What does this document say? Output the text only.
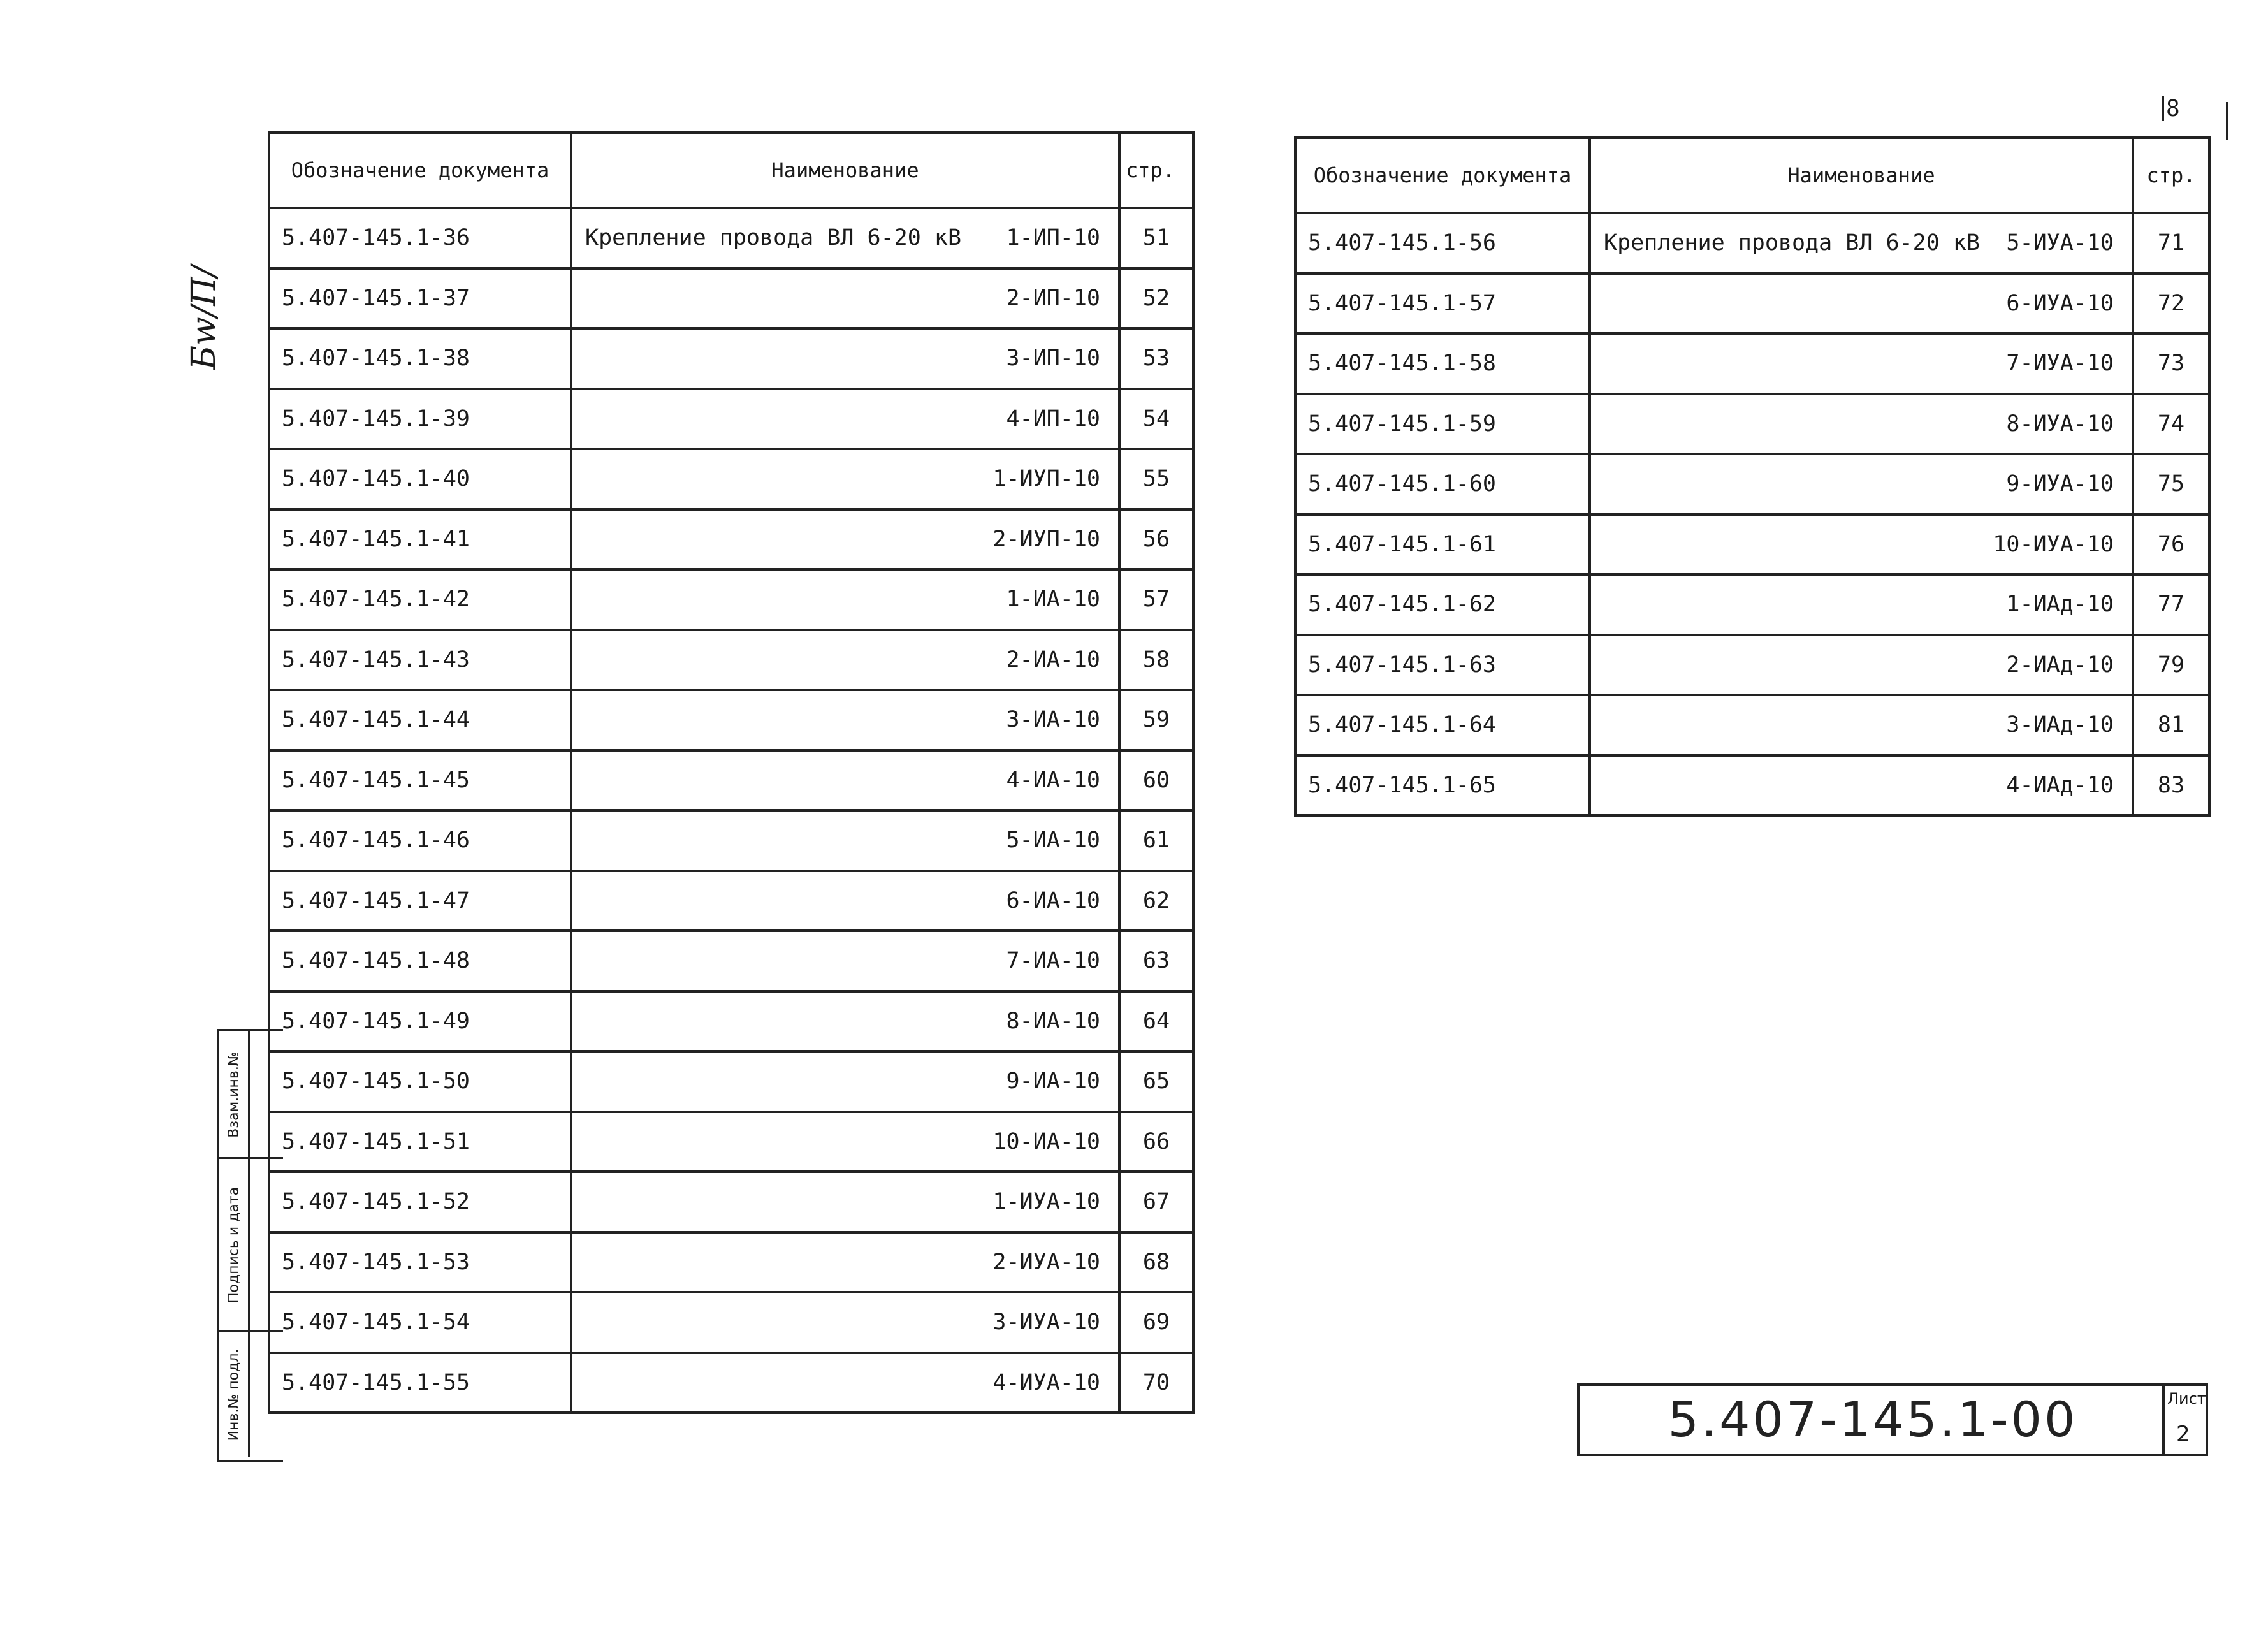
8
Бw/П/
Обозначение документа	Наименование	стр.
5.407-145.1-36	Крепление провода ВЛ 6-20 кВ 1-ИП-10	51
5.407-145.1-37	2-ИП-10	52
5.407-145.1-38	3-ИП-10	53
5.407-145.1-39	4-ИП-10	54
5.407-145.1-40	1-ИУП-10	55
5.407-145.1-41	2-ИУП-10	56
5.407-145.1-42	1-ИА-10	57
5.407-145.1-43	2-ИА-10	58
5.407-145.1-44	3-ИА-10	59
5.407-145.1-45	4-ИА-10	60
5.407-145.1-46	5-ИА-10	61
5.407-145.1-47	6-ИА-10	62
5.407-145.1-48	7-ИА-10	63
5.407-145.1-49	8-ИА-10	64
5.407-145.1-50	9-ИА-10	65
5.407-145.1-51	10-ИА-10	66
5.407-145.1-52	1-ИУА-10	67
5.407-145.1-53	2-ИУА-10	68
5.407-145.1-54	3-ИУА-10	69
5.407-145.1-55	4-ИУА-10	70
Обозначение документа	Наименование	стр.
5.407-145.1-56	Крепление провода ВЛ 6-20 кВ 5-ИУА-10	71
5.407-145.1-57	6-ИУА-10	72
5.407-145.1-58	7-ИУА-10	73
5.407-145.1-59	8-ИУА-10	74
5.407-145.1-60	9-ИУА-10	75
5.407-145.1-61	10-ИУА-10	76
5.407-145.1-62	1-ИАд-10	77
5.407-145.1-63	2-ИАд-10	79
5.407-145.1-64	3-ИАд-10	81
5.407-145.1-65	4-ИАд-10	83
Взам.инв.№
Подпись и дата
Инв.№ подл.	5.407-145.1-00	Лист
2
